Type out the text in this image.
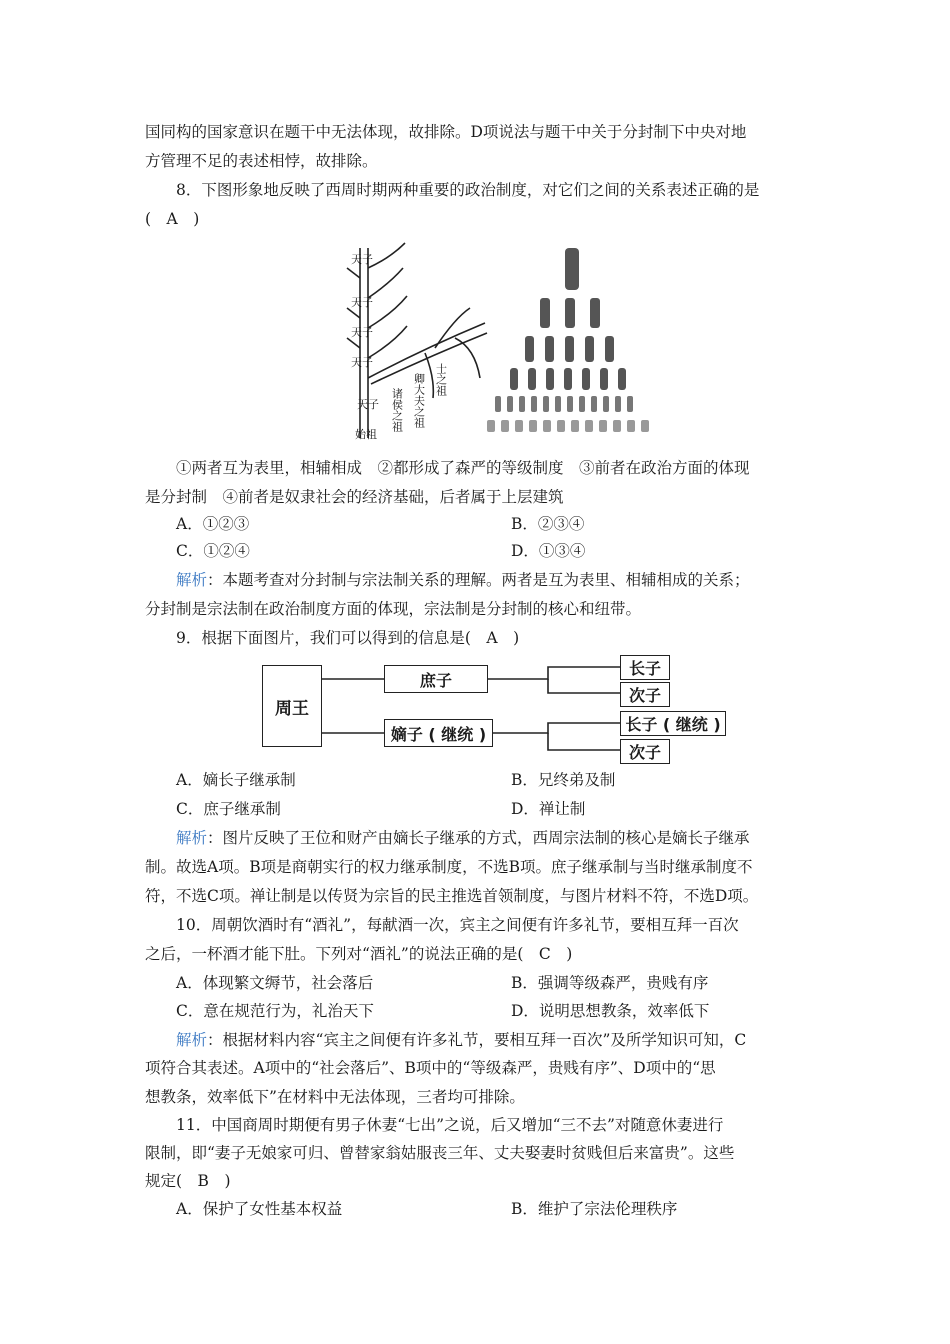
国同构的国家意识在题干中无法体现，故排除。D项说法与题干中关于分封制下中央对地
方管理不足的表述相悖，故排除。
8．下图形象地反映了西周时期两种重要的政治制度，对它们之间的关系表述正确的是
(　A　)
天子
天子
天子
天子
天子
始祖
诸侯之祖 卿大夫之祖 士之祖
①两者互为表里，相辅相成　②都形成了森严的等级制度　③前者在政治方面的体现
是分封制　④前者是奴隶社会的经济基础，后者属于上层建筑
A．①②③	B．②③④
C．①②④	D．①③④
解析：本题考查对分封制与宗法制关系的理解。两者是互为表里、相辅相成的关系；
分封制是宗法制在政治制度方面的体现，宗法制是分封制的核心和纽带。
9．根据下面图片，我们可以得到的信息是(　A　)
周王
庶子
嫡子 ( 继统 )
长子
次子
长子 ( 继统 )
次子
A．嫡长子继承制	B．兄终弟及制
C．庶子继承制	D．禅让制
解析：图片反映了王位和财产由嫡长子继承的方式，西周宗法制的核心是嫡长子继承
制。故选A项。B项是商朝实行的权力继承制度，不选B项。庶子继承制与当时继承制度不
符，不选C项。禅让制是以传贤为宗旨的民主推选首领制度，与图片材料不符，不选D项。
10．周朝饮酒时有“酒礼”，每献酒一次，宾主之间便有许多礼节，要相互拜一百次
之后，一杯酒才能下肚。下列对“酒礼”的说法正确的是(　C　)
A．体现繁文缛节，社会落后	B．强调等级森严，贵贱有序
C．意在规范行为，礼治天下	D．说明思想教条，效率低下
解析：根据材料内容“宾主之间便有许多礼节，要相互拜一百次”及所学知识可知，C
项符合其表述。A项中的“社会落后”、B项中的“等级森严，贵贱有序”、D项中的“思
想教条，效率低下”在材料中无法体现，三者均可排除。
11．中国商周时期便有男子休妻“七出”之说，后又增加“三不去”对随意休妻进行
限制，即“妻子无娘家可归、曾替家翁姑服丧三年、丈夫娶妻时贫贱但后来富贵”。这些
规定(　B　)
A．保护了女性基本权益	B．维护了宗法伦理秩序
